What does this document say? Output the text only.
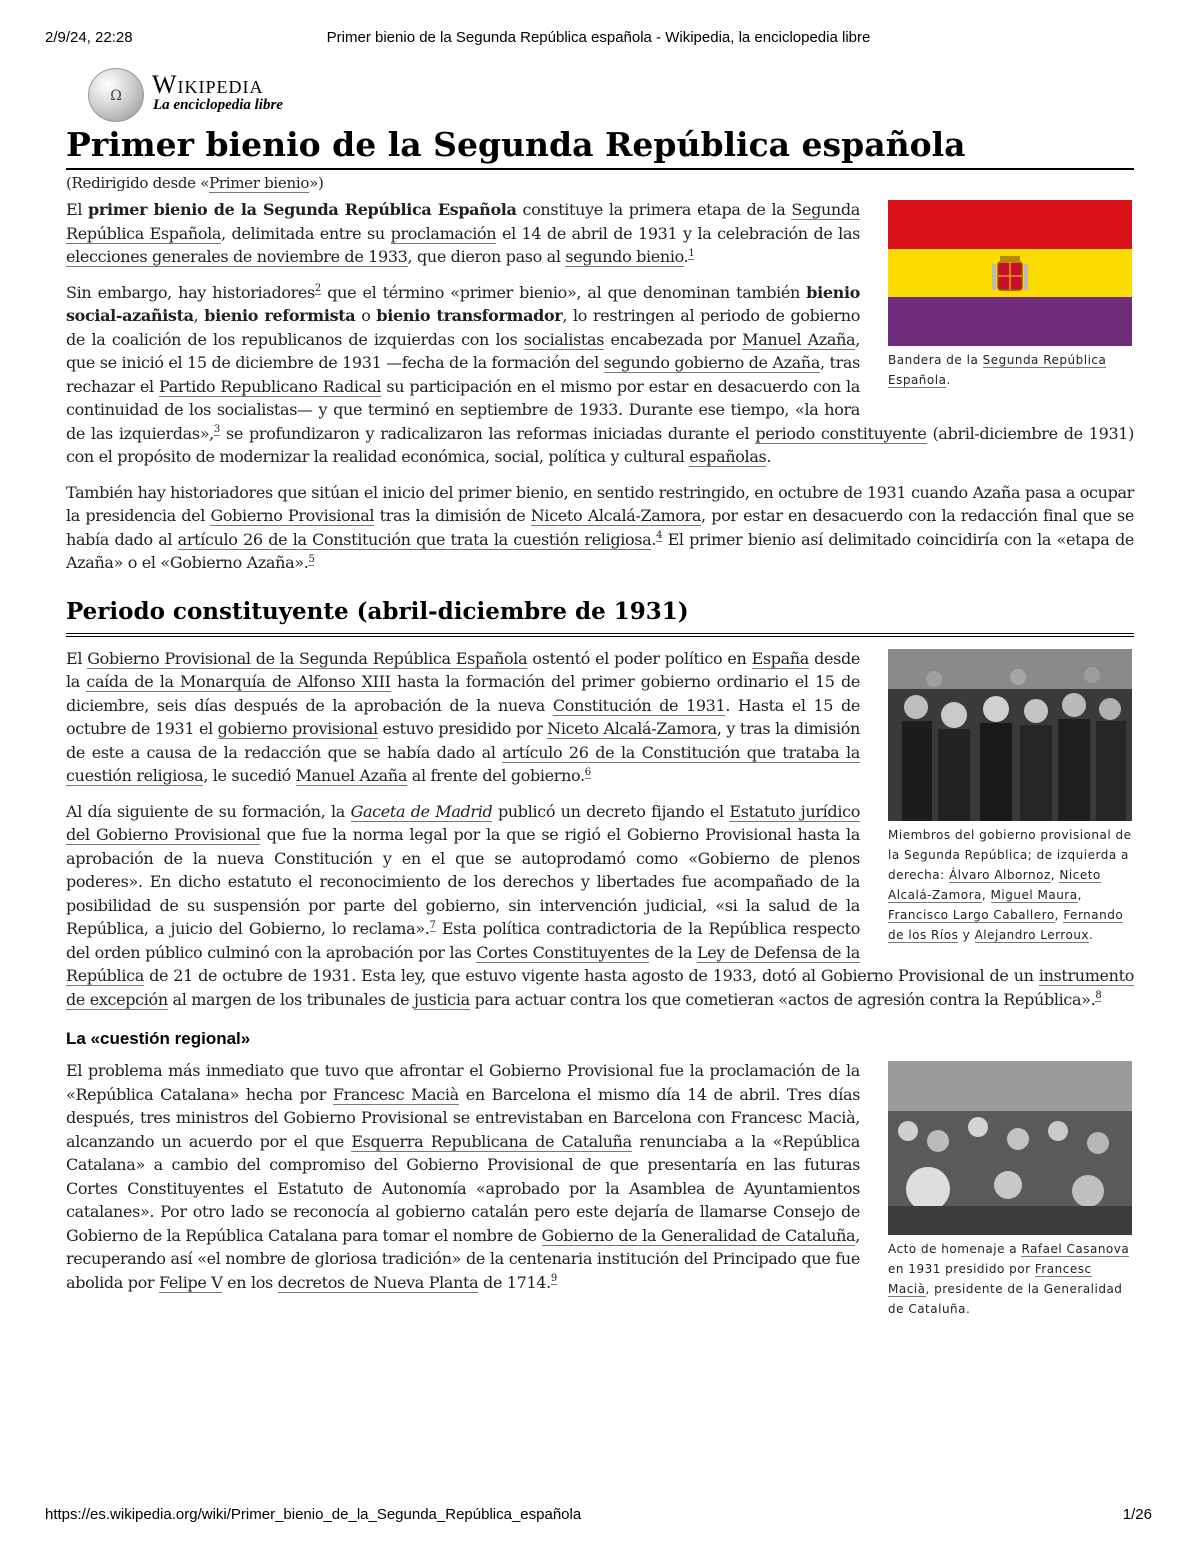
2/9/24, 22:28	Primer bienio de la Segunda República española - Wikipedia, la enciclopedia libre
Ω	Wikipedia
La enciclopedia libre
Primer bienio de la Segunda República española
(Redirigido desde «Primer bienio»)
Bandera de la Segunda República Española.

El primer bienio de la Segunda República Española constituye la primera etapa de la Segunda República Española, delimitada entre su proclamación el 14 de abril de 1931 y la celebración de las elecciones generales de noviembre de 1933, que dieron paso al segundo bienio.$^1$

Sin embargo, hay historiadores$^2$ que el término «primer bienio», al que denominan también bienio social-azañista, bienio reformista o bienio transformador, lo restringen al periodo de gobierno de la coalición de los republicanos de izquierdas con los socialistas encabezada por Manuel Azaña, que se inició el 15 de diciembre de 1931 —fecha de la formación del segundo gobierno de Azaña, tras rechazar el Partido Republicano Radical su participación en el mismo por estar en desacuerdo con la continuidad de los socialistas— y que terminó en septiembre de 1933. Durante ese tiempo, «la hora de las izquierdas»,$^3$ se profundizaron y radicalizaron las reformas iniciadas durante el periodo constituyente (abril-diciembre de 1931) con el propósito de modernizar la realidad económica, social, política y cultural españolas.

También hay historiadores que sitúan el inicio del primer bienio, en sentido restringido, en octubre de 1931 cuando Azaña pasa a ocupar la presidencia del Gobierno Provisional tras la dimisión de Niceto Alcalá-Zamora, por estar en desacuerdo con la redacción final que se había dado al artículo 26 de la Constitución que trata la cuestión religiosa.$^4$ El primer bienio así delimitado coincidiría con la «etapa de Azaña» o el «Gobierno Azaña».$^5$

Periodo constituyente (abril-diciembre de 1931)
Miembros del gobierno provisional de la Segunda República; de izquierda a derecha: Álvaro Albornoz, Niceto Alcalá-Zamora, Miguel Maura, Francisco Largo Caballero, Fernando de los Ríos y Alejandro Lerroux.

El Gobierno Provisional de la Segunda República Española ostentó el poder político en España desde la caída de la Monarquía de Alfonso XIII hasta la formación del primer gobierno ordinario el 15 de diciembre, seis días después de la aprobación de la nueva Constitución de 1931. Hasta el 15 de octubre de 1931 el gobierno provisional estuvo presidido por Niceto Alcalá-Zamora, y tras la dimisión de este a causa de la redacción que se había dado al artículo 26 de la Constitución que trataba la cuestión religiosa, le sucedió Manuel Azaña al frente del gobierno.$^6$

Al día siguiente de su formación, la Gaceta de Madrid publicó un decreto fijando el Estatuto jurídico del Gobierno Provisional que fue la norma legal por la que se rigió el Gobierno Provisional hasta la aprobación de la nueva Constitución y en el que se autoprodamó como «Gobierno de plenos poderes». En dicho estatuto el reconocimiento de los derechos y libertades fue acompañado de la posibilidad de su suspensión por parte del gobierno, sin intervención judicial, «si la salud de la República, a juicio del Gobierno, lo reclama».$^7$ Esta política contradictoria de la República respecto del orden público culminó con la aprobación por las Cortes Constituyentes de la Ley de Defensa de la República de 21 de octubre de 1931. Esta ley, que estuvo vigente hasta agosto de 1933, dotó al Gobierno Provisional de un instrumento de excepción al margen de los tribunales de justicia para actuar contra los que cometieran «actos de agresión contra la República».$^8$

La «cuestión regional»
Acto de homenaje a Rafael Casanova en 1931 presidido por Francesc Macià, presidente de la Generalidad de Cataluña.

El problema más inmediato que tuvo que afrontar el Gobierno Provisional fue la proclamación de la «República Catalana» hecha por Francesc Macià en Barcelona el mismo día 14 de abril. Tres días después, tres ministros del Gobierno Provisional se entrevistaban en Barcelona con Francesc Macià, alcanzando un acuerdo por el que Esquerra Republicana de Cataluña renunciaba a la «República Catalana» a cambio del compromiso del Gobierno Provisional de que presentaría en las futuras Cortes Constituyentes el Estatuto de Autonomía «aprobado por la Asamblea de Ayuntamientos catalanes». Por otro lado se reconocía al gobierno catalán pero este dejaría de llamarse Consejo de Gobierno de la República Catalana para tomar el nombre de Gobierno de la Generalidad de Cataluña, recuperando así «el nombre de gloriosa tradición» de la centenaria institución del Principado que fue abolida por Felipe V en los decretos de Nueva Planta de 1714.$^9$

https://es.wikipedia.org/wiki/Primer_bienio_de_la_Segunda_República_española	1/26
